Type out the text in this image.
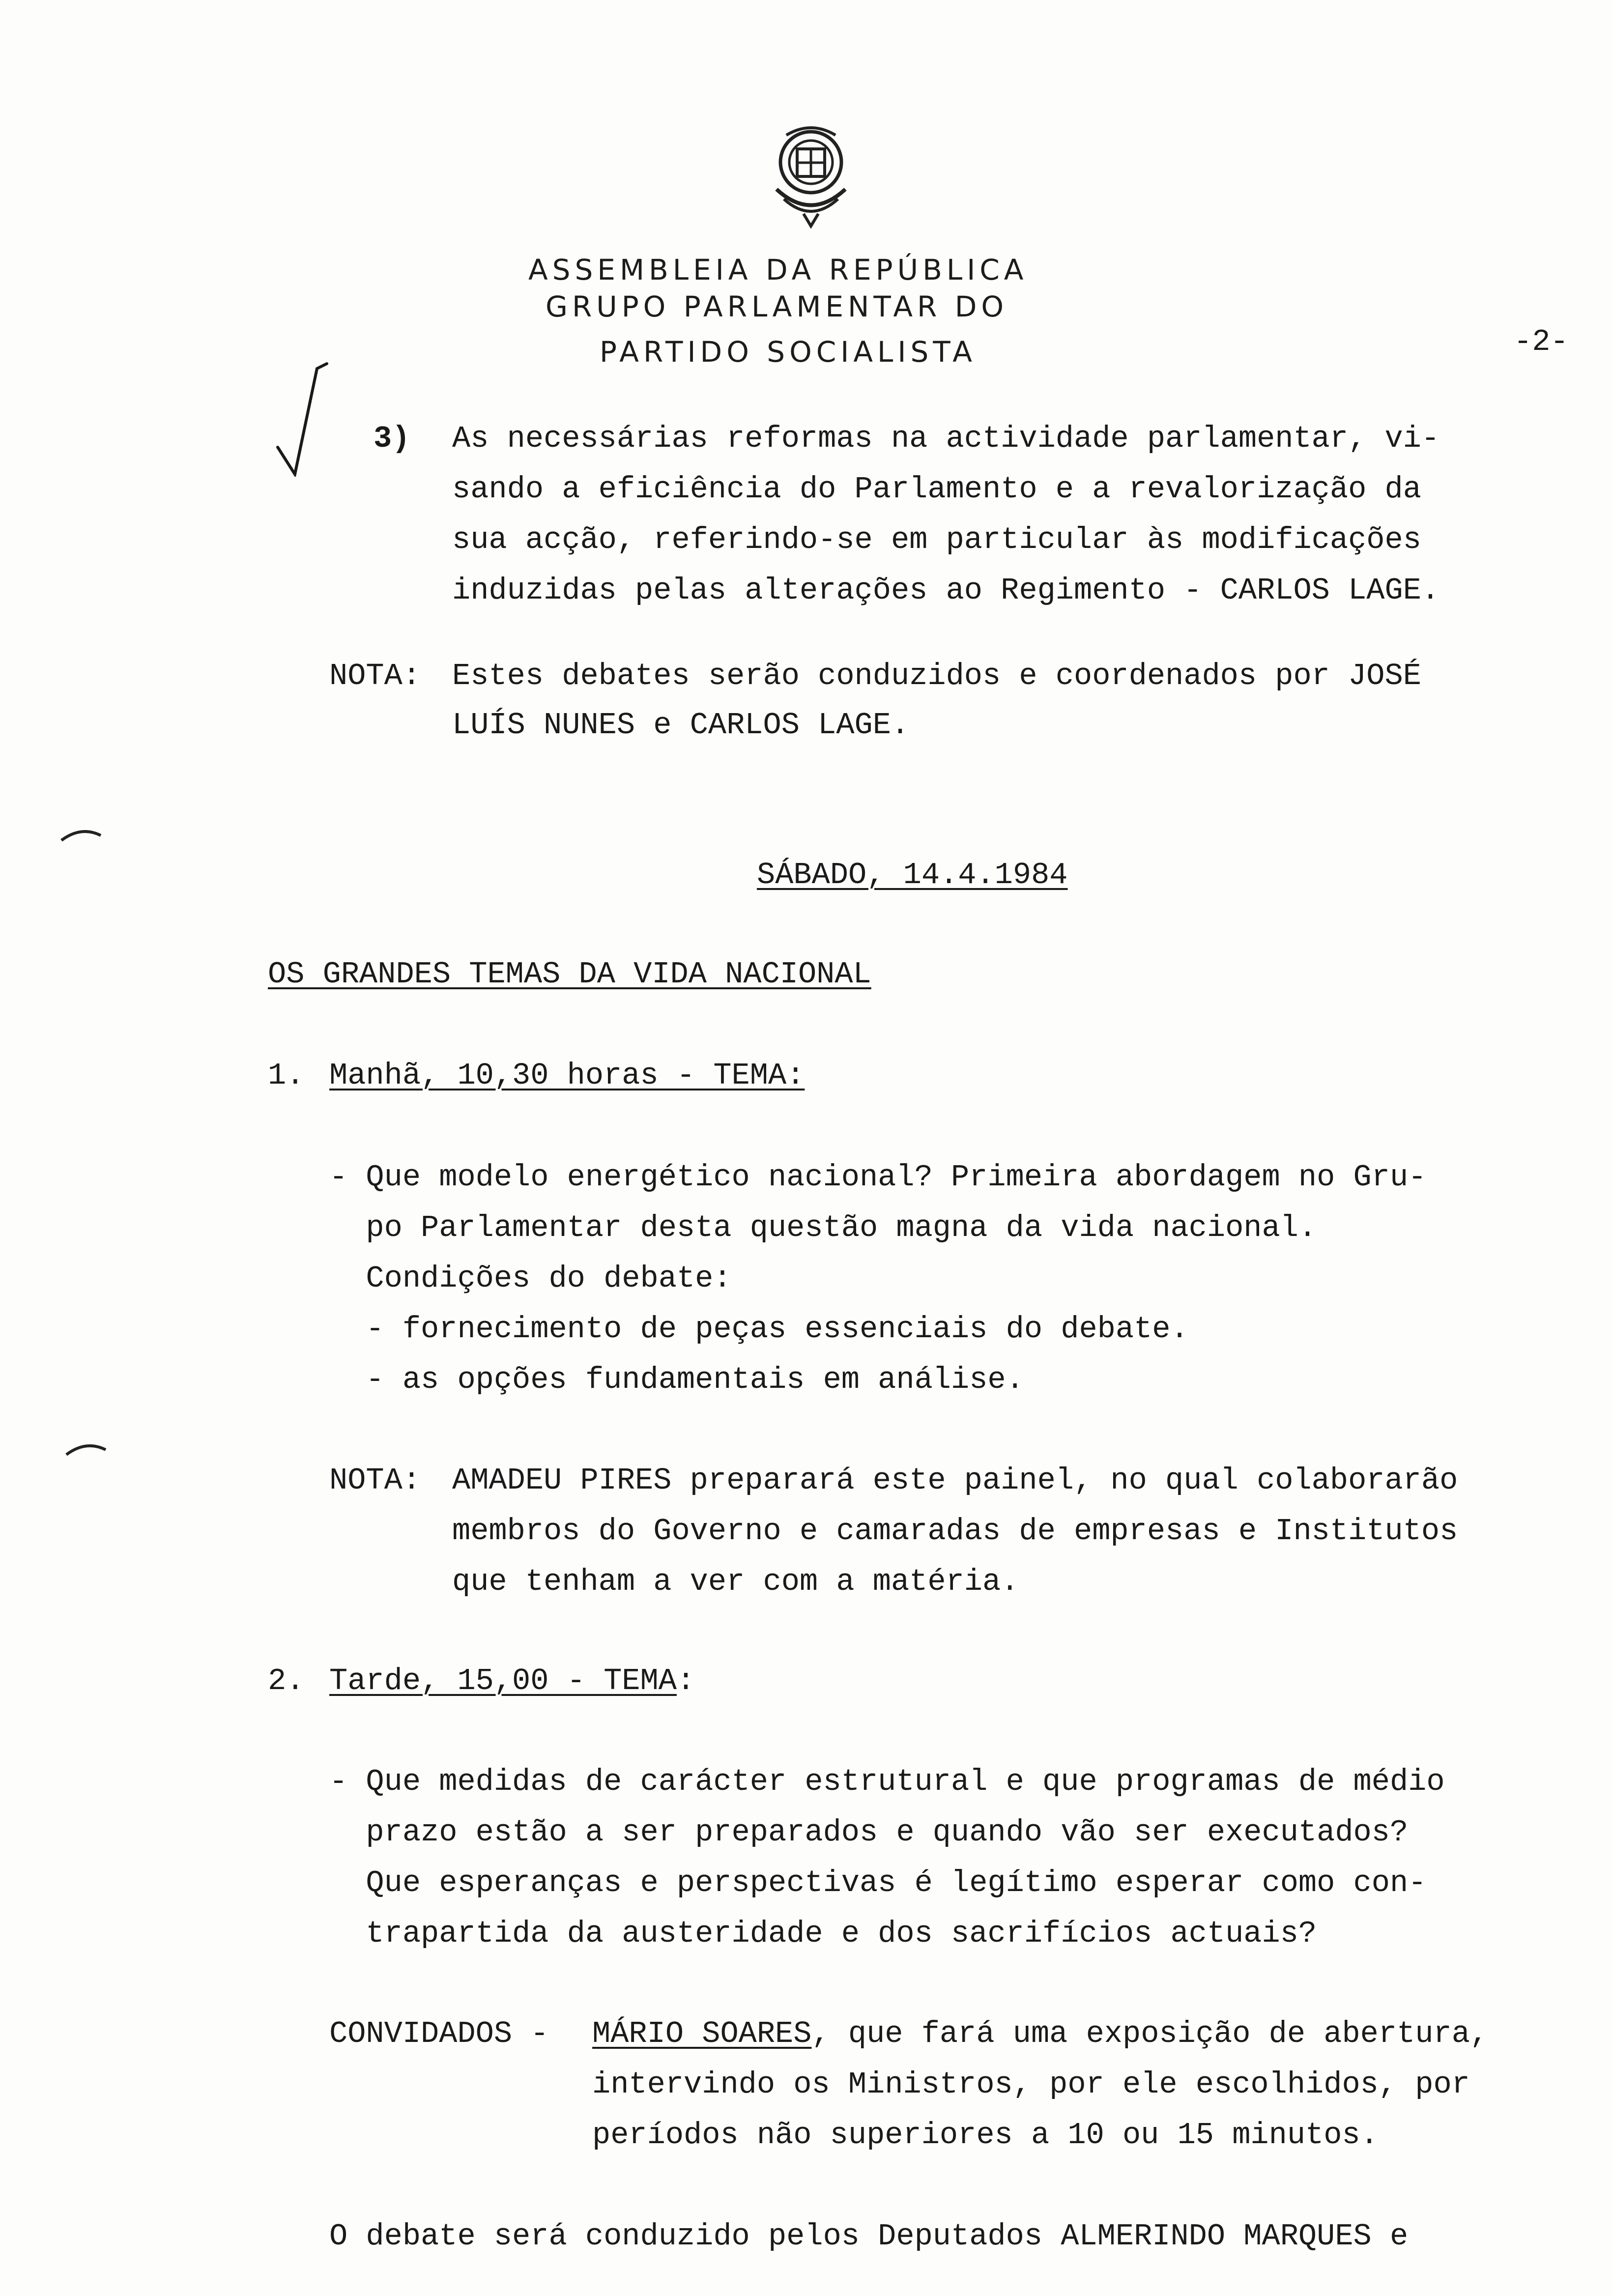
ASSEMBLEIA DA REPÚBLICA
GRUPO PARLAMENTAR DO
PARTIDO SOCIALISTA	-2-
3) As necessárias reformas na actividade parlamentar, vi-
sando a eficiência do Parlamento e a revalorização da
sua acção, referindo-se em particular às modificações
induzidas pelas alterações ao Regimento - CARLOS LAGE.
NOTA: Estes debates serão conduzidos e coordenados por JOSÉ
LUÍS NUNES e CARLOS LAGE.
SÁBADO, 14.4.1984
OS GRANDES TEMAS DA VIDA NACIONAL
1. Manhã, 10,30 horas - TEMA:
- Que modelo energético nacional? Primeira abordagem no Gru-
po Parlamentar desta questão magna da vida nacional.
Condições do debate:
- fornecimento de peças essenciais do debate.
- as opções fundamentais em análise.
NOTA: AMADEU PIRES preparará este painel, no qual colaborarão
membros do Governo e camaradas de empresas e Institutos
que tenham a ver com a matéria.
2. Tarde, 15,00 - TEMA:
- Que medidas de carácter estrutural e que programas de médio
prazo estão a ser preparados e quando vão ser executados?
Que esperanças e perspectivas é legítimo esperar como con-
trapartida da austeridade e dos sacrifícios actuais?
CONVIDADOS - MÁRIO SOARES, que fará uma exposição de abertura,
intervindo os Ministros, por ele escolhidos, por
períodos não superiores a 10 ou 15 minutos.
O debate será conduzido pelos Deputados ALMERINDO MARQUES e
